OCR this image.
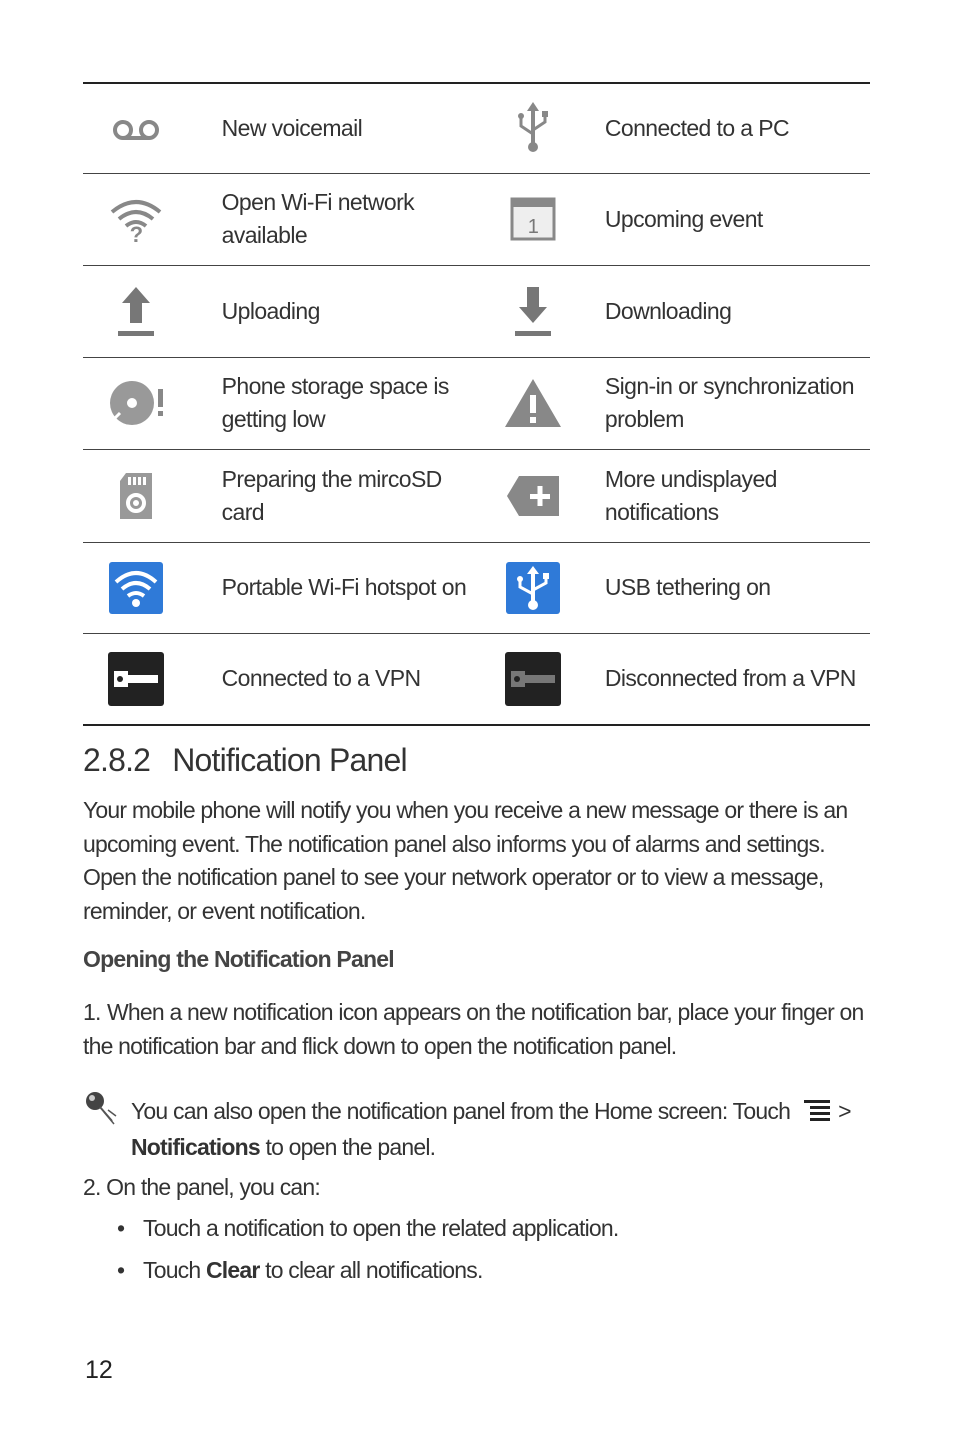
	New voicemail		Connected to a PC

?	Open Wi-Fi network available	1	Upcoming event
	Uploading		Downloading
	Phone storage space is getting low		Sign-in or synchronization problem
	Preparing the mircoSD card		More undisplayed notifications
	Portable Wi-Fi hotspot on		USB tethering on
	Connected to a VPN		Disconnected from a VPN
2.8.2 Notification Panel
Your mobile phone will notify you when you receive a new message or there is an upcoming event. The notification panel also informs you of alarms and settings. Open the notification panel to see your network operator or to view a message, reminder, or event notification.
Opening the Notification Panel
1. When a new notification icon appears on the notification bar, place your finger on the notification bar and flick down to open the notification panel.
You can also open the notification panel from the Home screen: Touch >
Notifications to open the panel.
2. On the panel, you can:
• Touch a notification to open the related application.
• Touch Clear to clear all notifications.
12
